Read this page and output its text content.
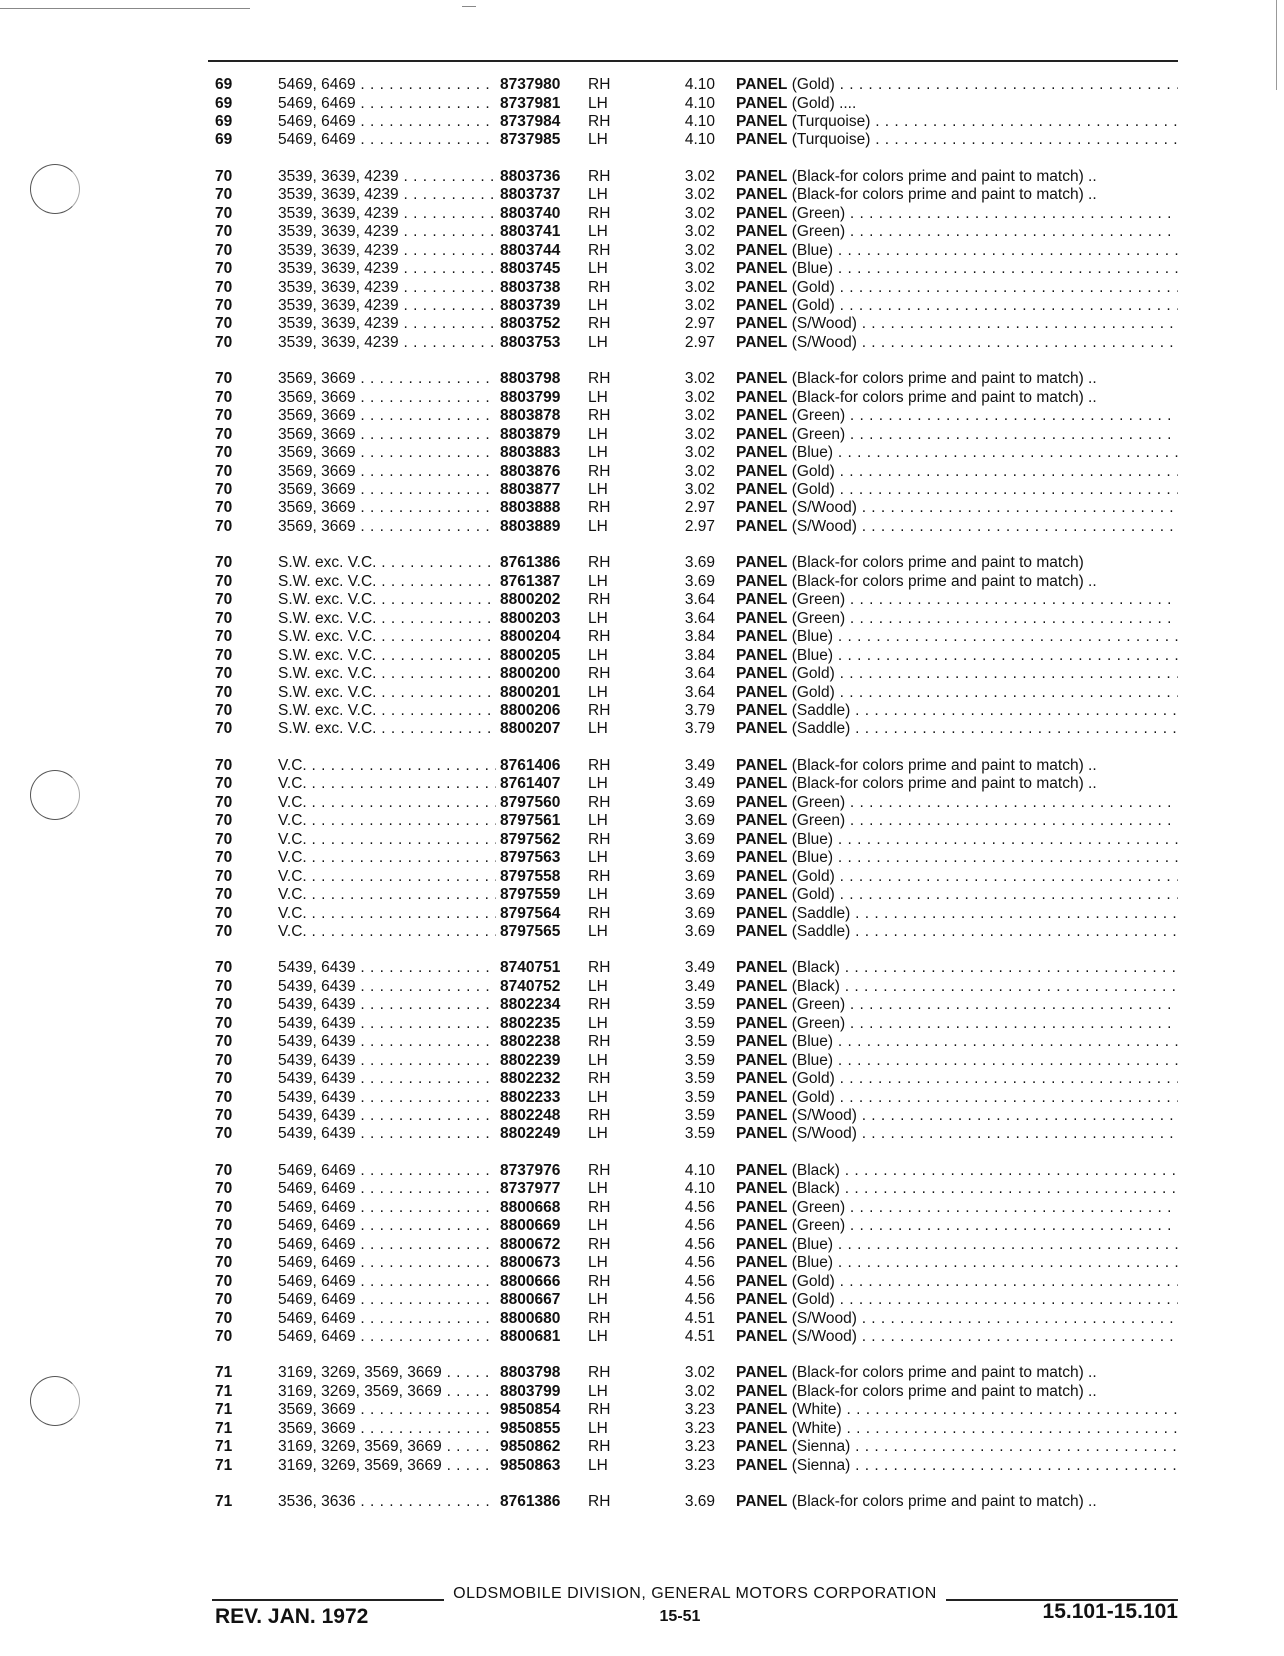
69	5469, 6469 . . .	8737980	RH	4.10 PANEL (Gold) . . .
69	5469, 6469 . . .	8737981	LH	4.10 PANEL (Gold) ....
69	5469, 6469 . . .	8737984	RH	4.10 PANEL (Turquoise) . . .
69	5469, 6469 . . .	8737985	LH	4.10 PANEL (Turquoise) . . .
70	3539, 3639, 4239 . . .	8803736	RH	3.02 PANEL (Black-for colors prime and paint to match) ..
70	3539, 3639, 4239 . . .	8803737	LH	3.02 PANEL (Black-for colors prime and paint to match) ..
70	3539, 3639, 4239 . . .	8803740	RH	3.02 PANEL (Green) . . .
70	3539, 3639, 4239 . . .	8803741	LH	3.02 PANEL (Green) . . .
70	3539, 3639, 4239 . . .	8803744	RH	3.02 PANEL (Blue) . . .
70	3539, 3639, 4239 . . .	8803745	LH	3.02 PANEL (Blue) . . .
70	3539, 3639, 4239 . . .	8803738	RH	3.02 PANEL (Gold) . . .
70	3539, 3639, 4239 . . .	8803739	LH	3.02 PANEL (Gold) . . .
70	3539, 3639, 4239 . . .	8803752	RH	2.97 PANEL (S/Wood) . . .
70	3539, 3639, 4239 . . .	8803753	LH	2.97 PANEL (S/Wood) . . .
70	3569, 3669 . . .	8803798	RH	3.02 PANEL (Black-for colors prime and paint to match) ..
70	3569, 3669 . . .	8803799	LH	3.02 PANEL (Black-for colors prime and paint to match) ..
70	3569, 3669 . . .	8803878	RH	3.02 PANEL (Green) . . .
70	3569, 3669 . . .	8803879	LH	3.02 PANEL (Green) . . .
70	3569, 3669 . . .	8803883	LH	3.02 PANEL (Blue) . . .
70	3569, 3669 . . .	8803876	RH	3.02 PANEL (Gold) . . .
70	3569, 3669 . . .	8803877	LH	3.02 PANEL (Gold) . . .
70	3569, 3669 . . .	8803888	RH	2.97 PANEL (S/Wood) . . .
70	3569, 3669 . . .	8803889	LH	2.97 PANEL (S/Wood) . . .
70	S.W. exc. V.C. . . .	8761386	RH	3.69 PANEL (Black-for colors prime and paint to match)
70	S.W. exc. V.C. . . .	8761387	LH	3.69 PANEL (Black-for colors prime and paint to match) ..
70	S.W. exc. V.C. . . .	8800202	RH	3.64 PANEL (Green) . . .
70	S.W. exc. V.C. . . .	8800203	LH	3.64 PANEL (Green) . . .
70	S.W. exc. V.C. . . .	8800204	RH	3.84 PANEL (Blue) . . .
70	S.W. exc. V.C. . . .	8800205	LH	3.84 PANEL (Blue) . . .
70	S.W. exc. V.C. . . .	8800200	RH	3.64 PANEL (Gold) . . .
70	S.W. exc. V.C. . . .	8800201	LH	3.64 PANEL (Gold) . . .
70	S.W. exc. V.C. . . .	8800206	RH	3.79 PANEL (Saddle) . . .
70	S.W. exc. V.C. . . .	8800207	LH	3.79 PANEL (Saddle) . . .
70	V.C. . . .	8761406	RH	3.49 PANEL (Black-for colors prime and paint to match) ..
70	V.C. . . .	8761407	LH	3.49 PANEL (Black-for colors prime and paint to match) ..
70	V.C. . . .	8797560	RH	3.69 PANEL (Green) . . .
70	V.C. . . .	8797561	LH	3.69 PANEL (Green) . . .
70	V.C. . . .	8797562	RH	3.69 PANEL (Blue) . . .
70	V.C. . . .	8797563	LH	3.69 PANEL (Blue) . . .
70	V.C. . . .	8797558	RH	3.69 PANEL (Gold) . . .
70	V.C. . . .	8797559	LH	3.69 PANEL (Gold) . . .
70	V.C. . . .	8797564	RH	3.69 PANEL (Saddle) . . .
70	V.C. . . .	8797565	LH	3.69 PANEL (Saddle) . . .
70	5439, 6439 . . .	8740751	RH	3.49 PANEL (Black) . . .
70	5439, 6439 . . .	8740752	LH	3.49 PANEL (Black) . . .
70	5439, 6439 . . .	8802234	RH	3.59 PANEL (Green) . . .
70	5439, 6439 . . .	8802235	LH	3.59 PANEL (Green) . . .
70	5439, 6439 . . .	8802238	RH	3.59 PANEL (Blue) . . .
70	5439, 6439 . . .	8802239	LH	3.59 PANEL (Blue) . . .
70	5439, 6439 . . .	8802232	RH	3.59 PANEL (Gold) . . .
70	5439, 6439 . . .	8802233	LH	3.59 PANEL (Gold) . . .
70	5439, 6439 . . .	8802248	RH	3.59 PANEL (S/Wood) . . .
70	5439, 6439 . . .	8802249	LH	3.59 PANEL (S/Wood) . . .
70	5469, 6469 . . .	8737976	RH	4.10 PANEL (Black) . . .
70	5469, 6469 . . .	8737977	LH	4.10 PANEL (Black) . . .
70	5469, 6469 . . .	8800668	RH	4.56 PANEL (Green) . . .
70	5469, 6469 . . .	8800669	LH	4.56 PANEL (Green) . . .
70	5469, 6469 . . .	8800672	RH	4.56 PANEL (Blue) . . .
70	5469, 6469 . . .	8800673	LH	4.56 PANEL (Blue) . . .
70	5469, 6469 . . .	8800666	RH	4.56 PANEL (Gold) . . .
70	5469, 6469 . . .	8800667	LH	4.56 PANEL (Gold) . . .
70	5469, 6469 . . .	8800680	RH	4.51 PANEL (S/Wood) . . .
70	5469, 6469 . . .	8800681	LH	4.51 PANEL (S/Wood) . . .
71	3169, 3269, 3569, 3669 . . .	8803798	RH	3.02 PANEL (Black-for colors prime and paint to match) ..
71	3169, 3269, 3569, 3669 . . .	8803799	LH	3.02 PANEL (Black-for colors prime and paint to match) ..
71	3569, 3669 . . .	9850854	RH	3.23 PANEL (White) . . .
71	3569, 3669 . . .	9850855	LH	3.23 PANEL (White) . . .
71	3169, 3269, 3569, 3669 . . .	9850862	RH	3.23 PANEL (Sienna) . . .
71	3169, 3269, 3569, 3669 . . .	9850863	LH	3.23 PANEL (Sienna) . . .
71	3536, 3636 . . .	8761386	RH	3.69 PANEL (Black-for colors prime and paint to match) ..
OLDSMOBILE DIVISION, GENERAL MOTORS CORPORATION
REV. JAN. 1972	15-51	15.101-15.101
